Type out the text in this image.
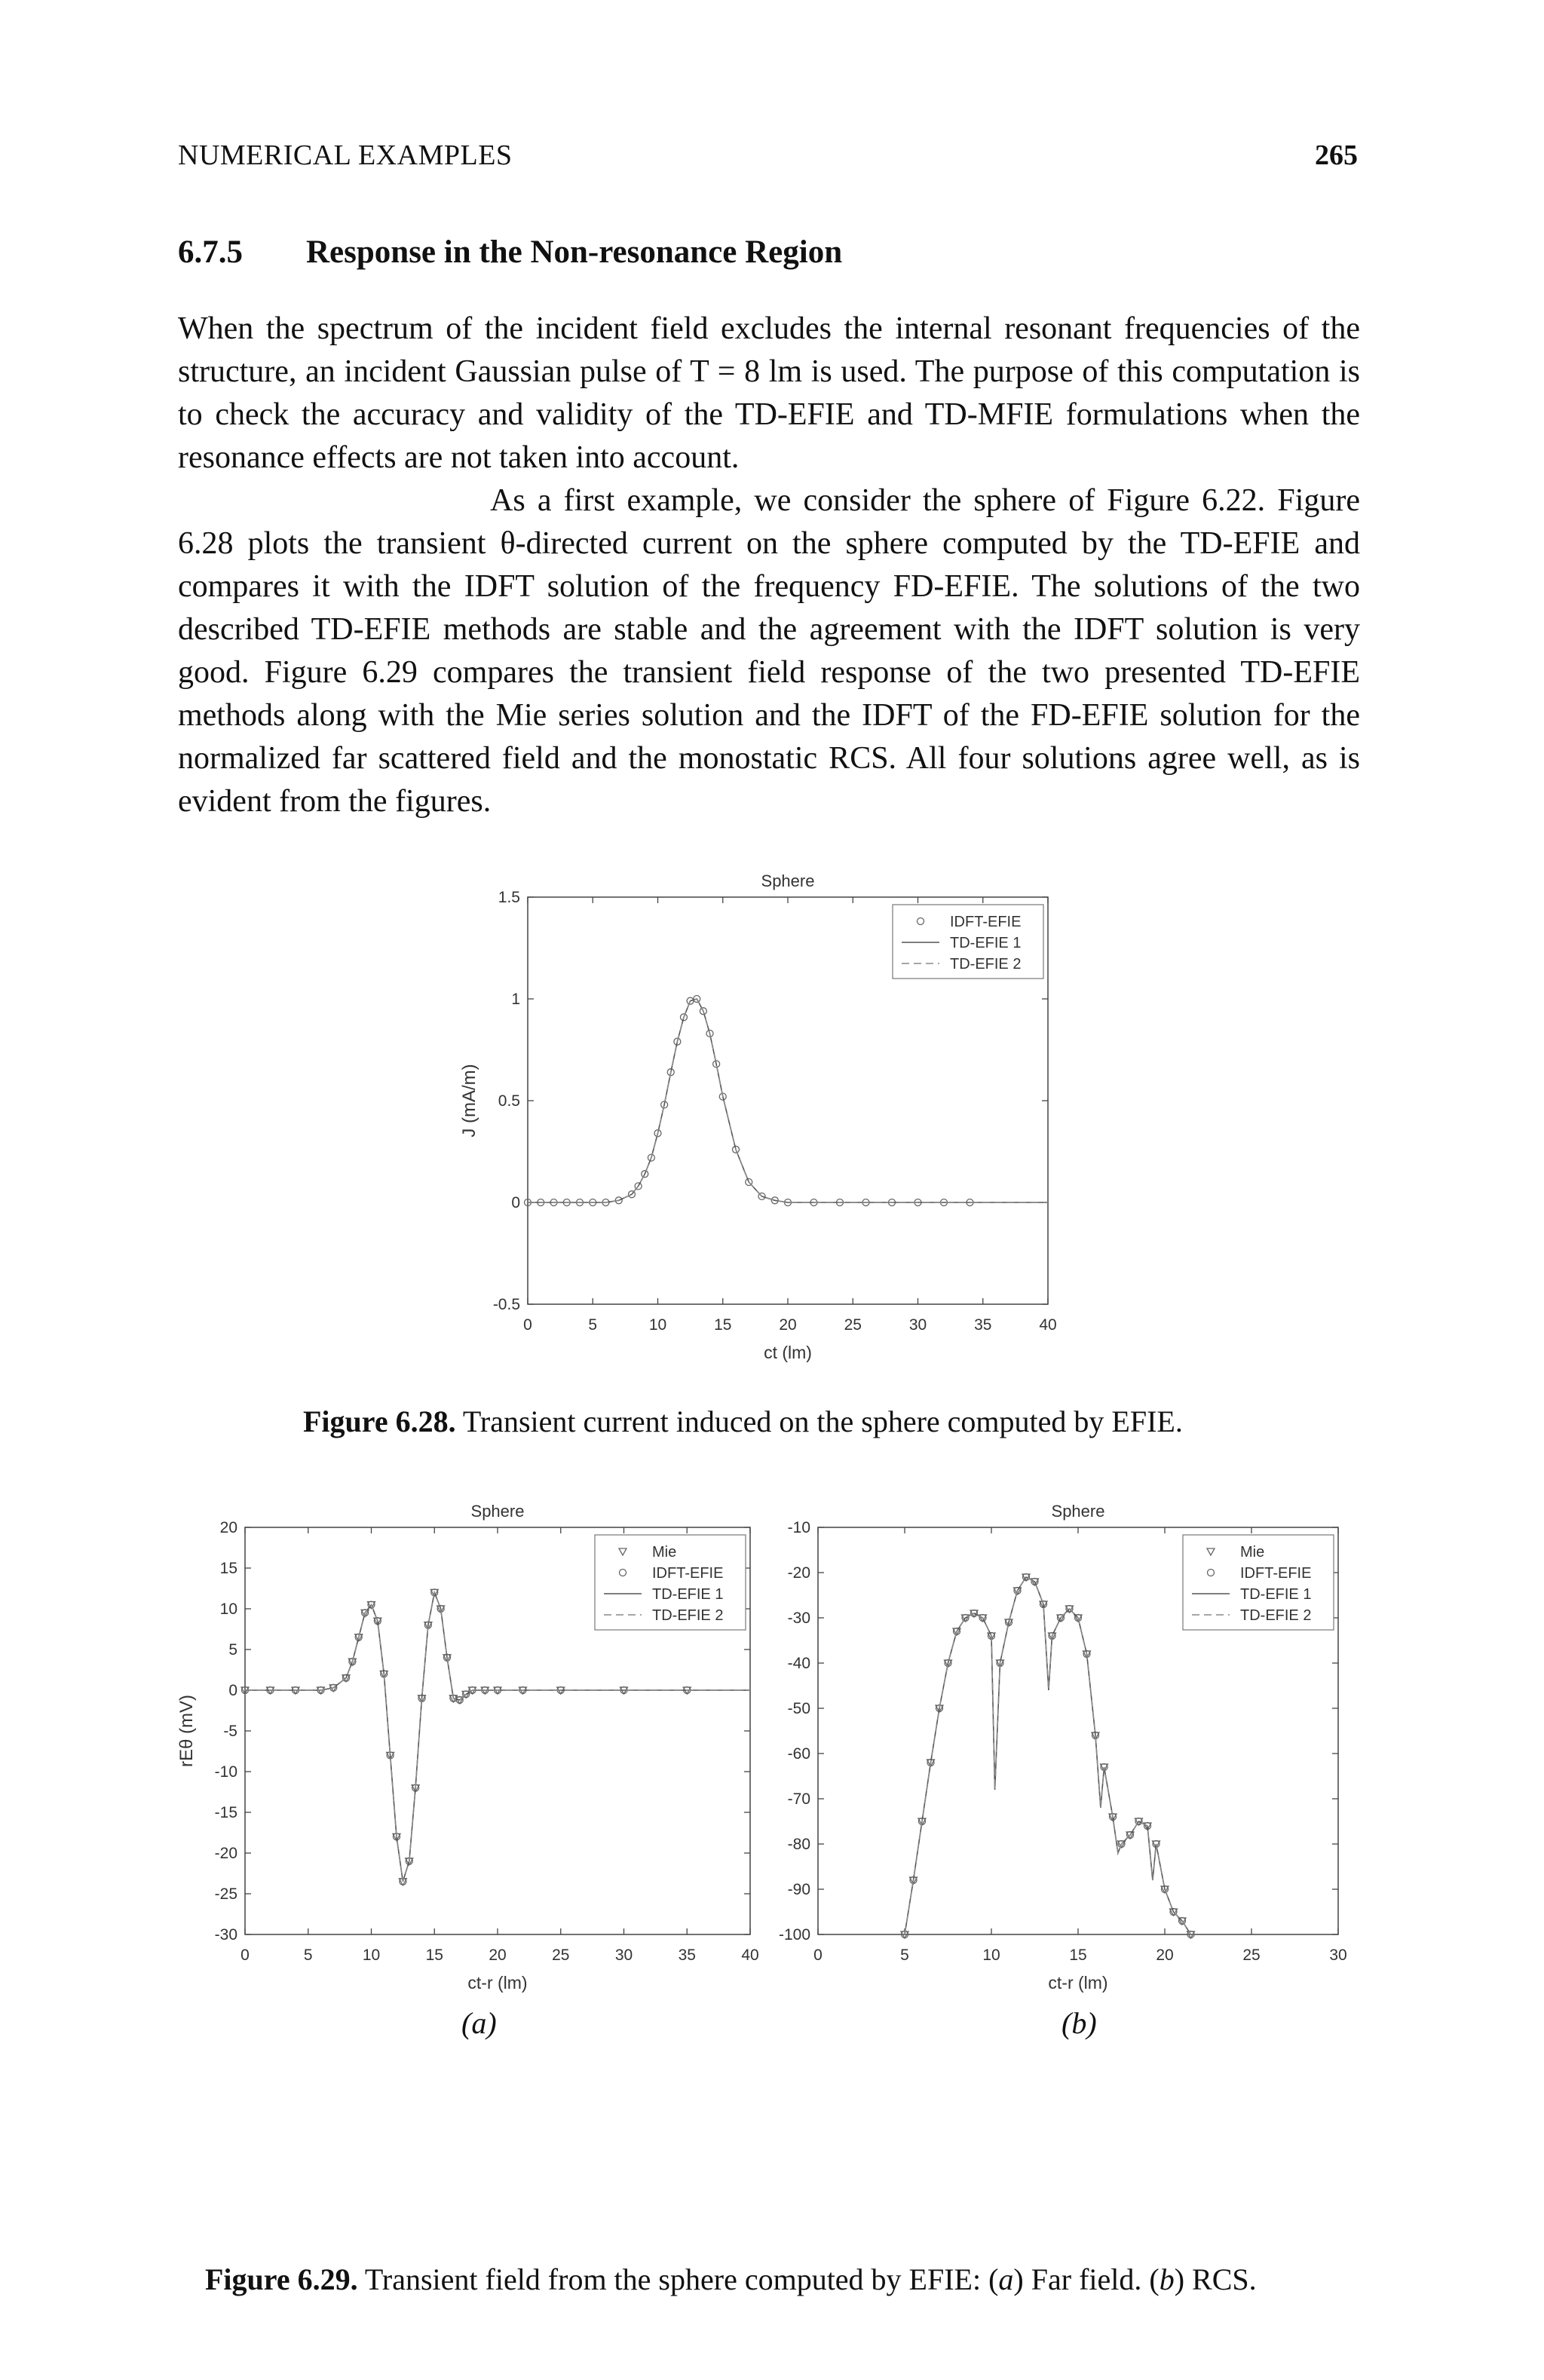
NUMERICAL EXAMPLES	265
6.7.5 Response in the Non-resonance Region

When the spectrum of the incident field excludes the internal resonant frequencies of the structure, an incident Gaussian pulse of T = 8 lm is used. The purpose of this computation is to check the accuracy and validity of the TD-EFIE and TD-MFIE formulations when the resonance effects are not taken into account.

As a first example, we consider the sphere of Figure 6.22. Figure 6.28 plots the transient θ-directed current on the sphere computed by the TD-EFIE and compares it with the IDFT solution of the frequency FD-EFIE. The solutions of the two described TD-EFIE methods are stable and the agreement with the IDFT solution is very good. Figure 6.29 compares the transient field response of the two presented TD-EFIE methods along with the Mie series solution and the IDFT of the FD-EFIE solution for the normalized far scattered field and the monostatic RCS. All four solutions agree well, as is evident from the figures.

0	5	10	15	20	25	30	35	40
-0.5
0
0.5
1
1.5
Sphere
ct (lm)
J (mA/m)
IDFT-EFIE
TD-EFIE 1
TD-EFIE 2
Figure 6.28. Transient current induced on the sphere computed by EFIE.
0	5	10	15	20	25	30	35	40
-30
-25
-20
-15
-10
-5
0
5
10
15
20
Sphere
ct-r (lm)
rEθ (mV)
Mie
IDFT-EFIE
TD-EFIE 1
TD-EFIE 2
0	5	10	15	20	25	30
-100
-90
-80
-70
-60
-50
-40
-30
-20
-10
Sphere
ct-r (lm)
Mie
IDFT-EFIE
TD-EFIE 1
TD-EFIE 2
(a)	(b)
Figure 6.29. Transient field from the sphere computed by EFIE: (a) Far field. (b) RCS.
